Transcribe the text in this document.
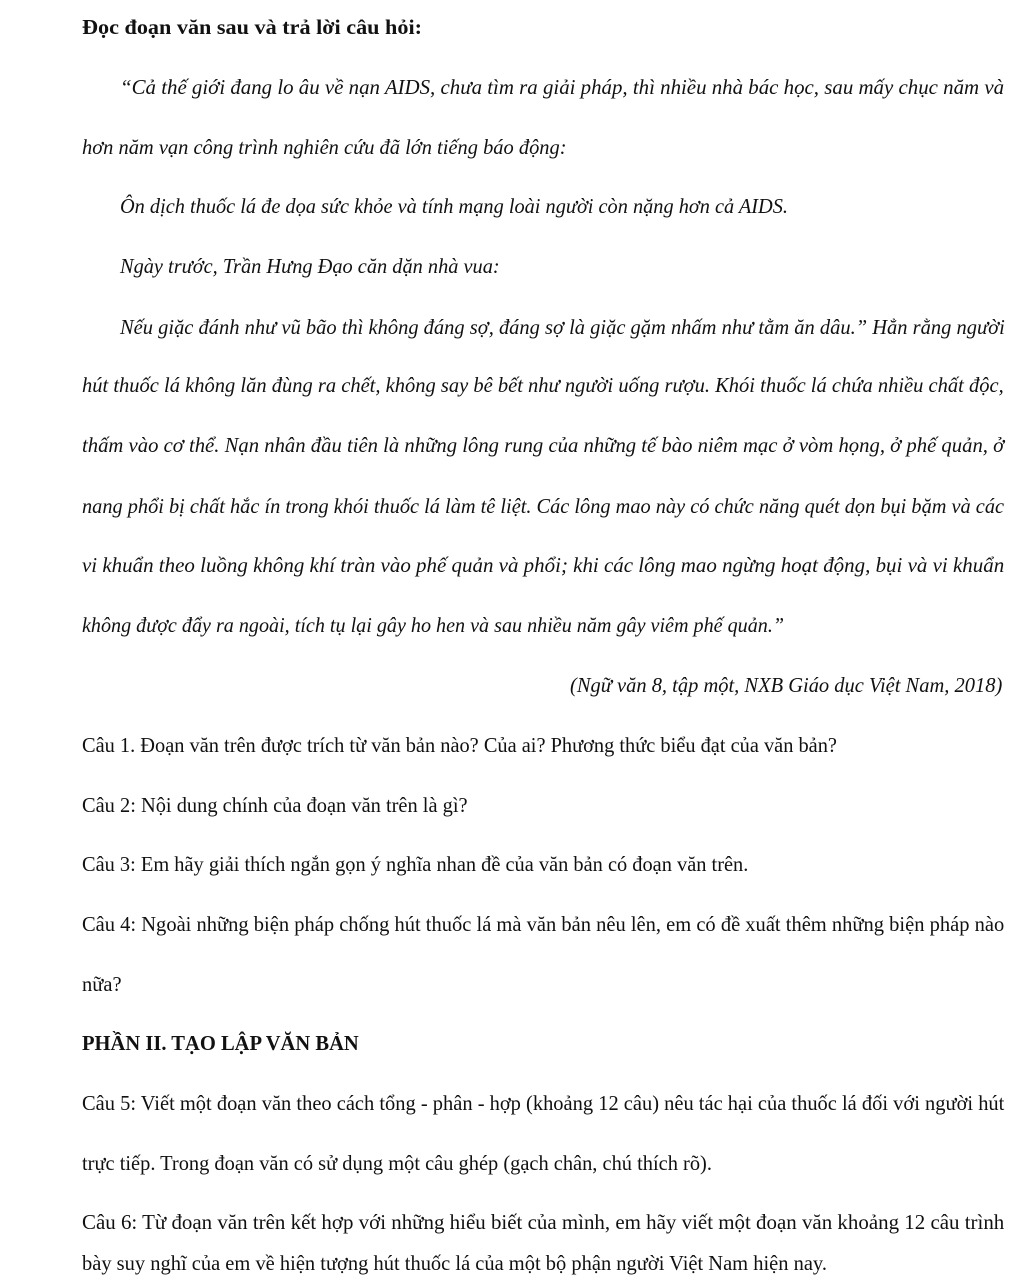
Đọc đoạn văn sau và trả lời câu hỏi:
“Cả thế giới đang lo âu về nạn AIDS, chưa tìm ra giải pháp, thì nhiều nhà bác học, sau mấy chục năm và
hơn năm vạn công trình nghiên cứu đã lớn tiếng báo động:
Ôn dịch thuốc lá đe dọa sức khỏe và tính mạng loài người còn nặng hơn cả AIDS.
Ngày trước, Trần Hưng Đạo căn dặn nhà vua:
Nếu giặc đánh như vũ bão thì không đáng sợ, đáng sợ là giặc gặm nhấm như tằm ăn dâu.” Hẳn rằng người
hút thuốc lá không lăn đùng ra chết, không say bê bết như người uống rượu. Khói thuốc lá chứa nhiều chất độc,
thấm vào cơ thể. Nạn nhân đầu tiên là những lông rung của những tế bào niêm mạc ở vòm họng, ở phế quản, ở
nang phổi bị chất hắc ín trong khói thuốc lá làm tê liệt. Các lông mao này có chức năng quét dọn bụi bặm và các
vi khuẩn theo luồng không khí tràn vào phế quản và phổi; khi các lông mao ngừng hoạt động, bụi và vi khuẩn
không được đẩy ra ngoài, tích tụ lại gây ho hen và sau nhiều năm gây viêm phế quản.”
(Ngữ văn 8, tập một, NXB Giáo dục Việt Nam, 2018)
Câu 1. Đoạn văn trên được trích từ văn bản nào? Của ai? Phương thức biểu đạt của văn bản?
Câu 2: Nội dung chính của đoạn văn trên là gì?
Câu 3: Em hãy giải thích ngắn gọn ý nghĩa nhan đề của văn bản có đoạn văn trên.
Câu 4: Ngoài những biện pháp chống hút thuốc lá mà văn bản nêu lên, em có đề xuất thêm những biện pháp nào
nữa?
PHẦN II. TẠO LẬP VĂN BẢN
Câu 5: Viết một đoạn văn theo cách tổng - phân - hợp (khoảng 12 câu) nêu tác hại của thuốc lá đối với người hút
trực tiếp. Trong đoạn văn có sử dụng một câu ghép (gạch chân, chú thích rõ).
Câu 6: Từ đoạn văn trên kết hợp với những hiểu biết của mình, em hãy viết một đoạn văn khoảng 12 câu trình
bày suy nghĩ của em về hiện tượng hút thuốc lá của một bộ phận người Việt Nam hiện nay.
